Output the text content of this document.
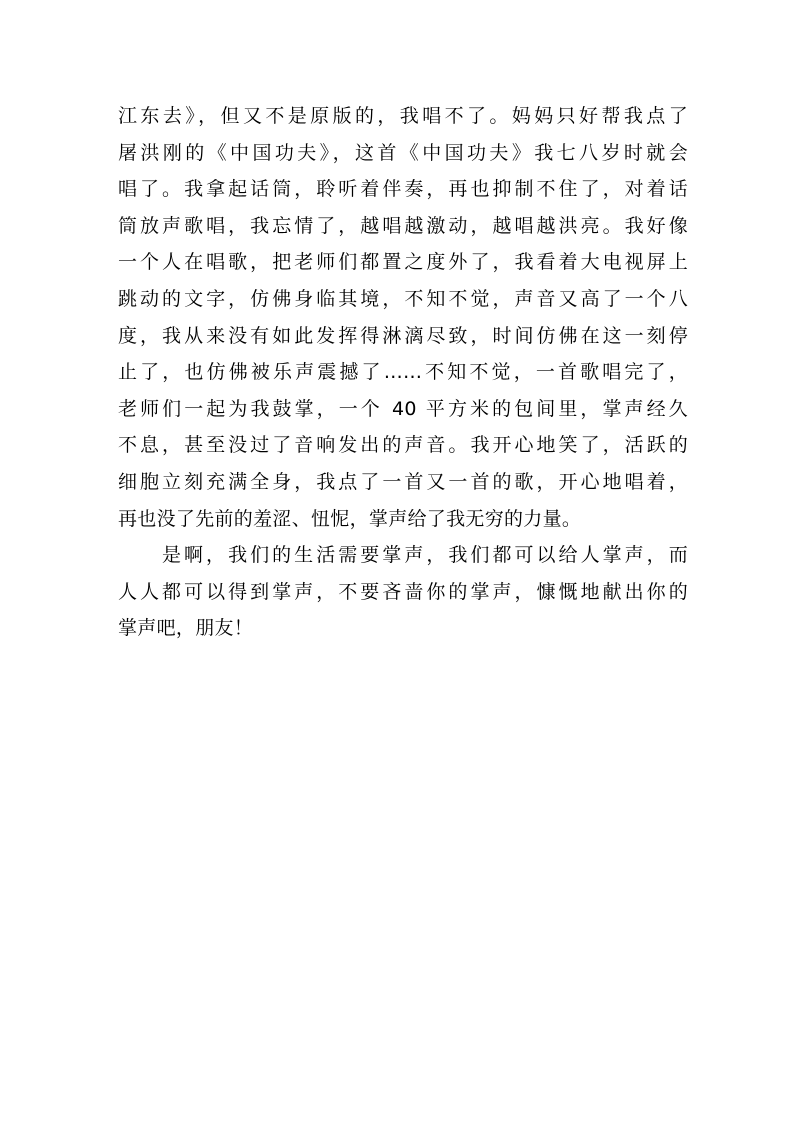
江东去》，但又不是原版的，我唱不了。妈妈只好帮我点了
屠洪刚的《中国功夫》，这首《中国功夫》我七八岁时就会
唱了。我拿起话筒，聆听着伴奏，再也抑制不住了，对着话
筒放声歌唱，我忘情了，越唱越激动，越唱越洪亮。我好像
一个人在唱歌，把老师们都置之度外了，我看着大电视屏上
跳动的文字，仿佛身临其境，不知不觉，声音又高了一个八
度，我从来没有如此发挥得淋漓尽致，时间仿佛在这一刻停
止了，也仿佛被乐声震撼了……不知不觉，一首歌唱完了，
老师们一起为我鼓掌，一个 40 平方米的包间里，掌声经久
不息，甚至没过了音响发出的声音。我开心地笑了，活跃的
细胞立刻充满全身，我点了一首又一首的歌，开心地唱着，
再也没了先前的羞涩、忸怩，掌声给了我无穷的力量。
是啊，我们的生活需要掌声，我们都可以给人掌声，而
人人都可以得到掌声，不要吝啬你的掌声，慷慨地献出你的
掌声吧，朋友！
